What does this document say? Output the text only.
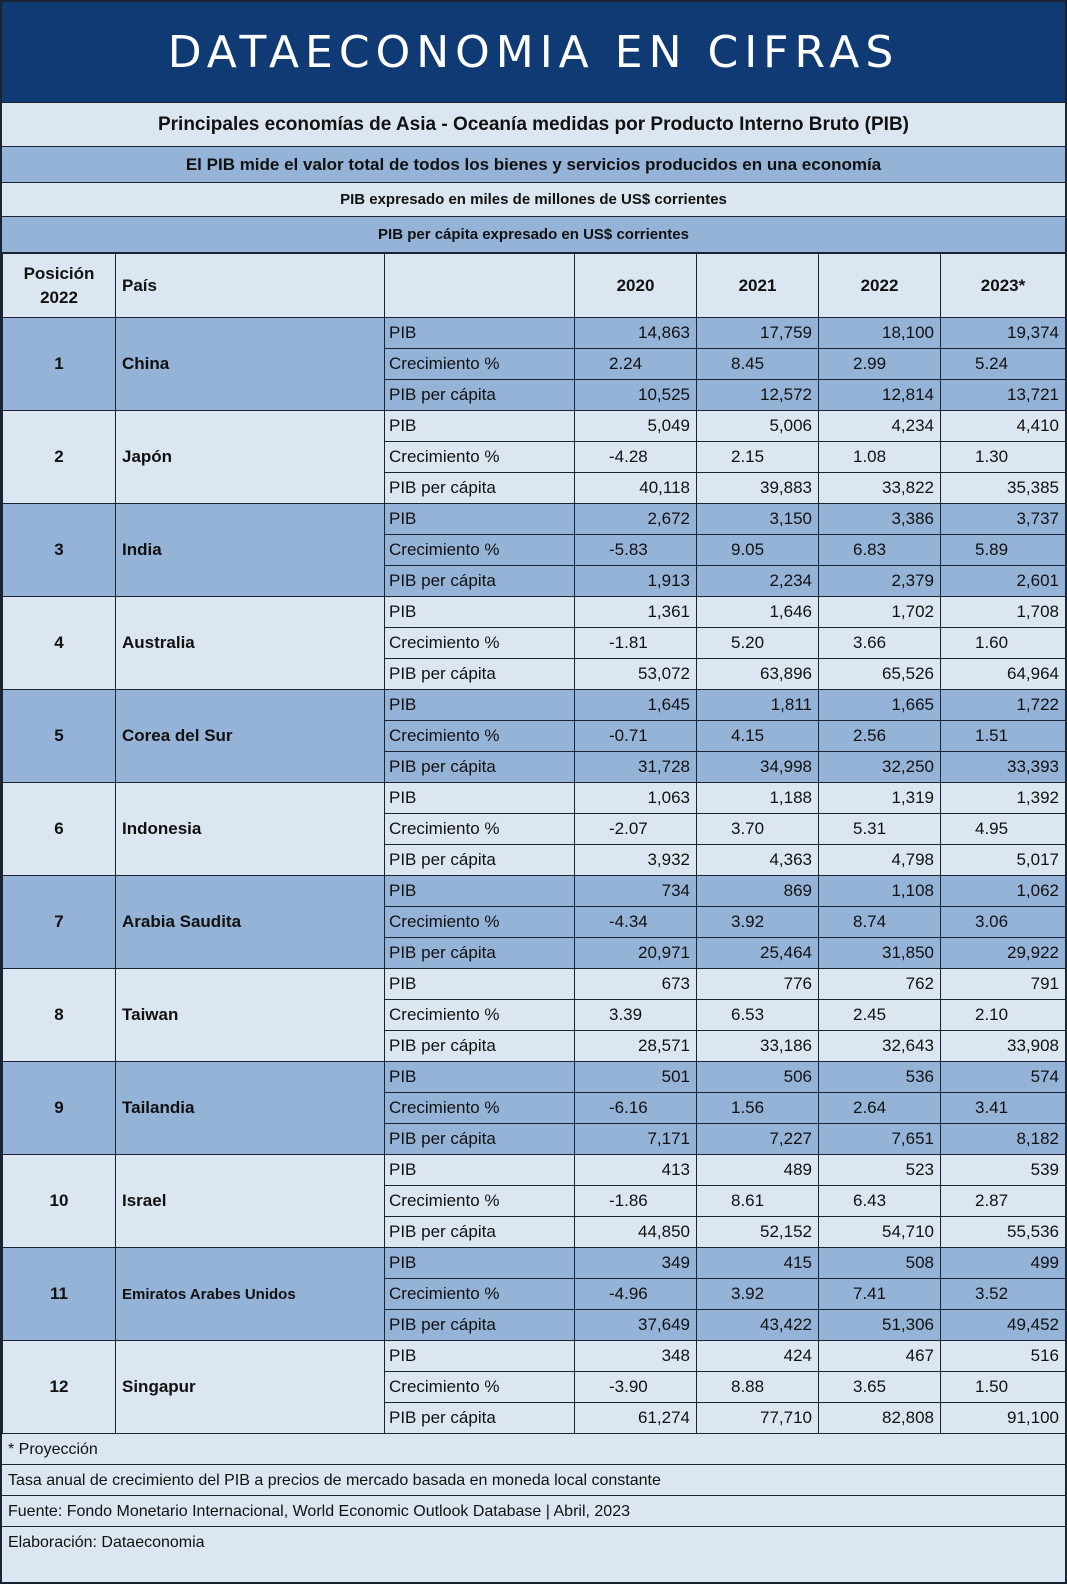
DATAECONOMIA EN CIFRAS
Principales economías de Asia - Oceanía medidas por Producto Interno Bruto (PIB)
El PIB mide el valor total de todos los bienes y servicios producidos en una economía
PIB expresado en miles de millones de US$ corrientes
PIB per cápita expresado en US$ corrientes
Posición 2022	País		2020	2021	2022	2023*
1	China	PIB	14,863	17,759	18,100	19,374
		Crecimiento %	2.24	8.45	2.99	5.24
		PIB per cápita	10,525	12,572	12,814	13,721
2	Japón	PIB	5,049	5,006	4,234	4,410
		Crecimiento %	-4.28	2.15	1.08	1.30
		PIB per cápita	40,118	39,883	33,822	35,385
3	India	PIB	2,672	3,150	3,386	3,737
		Crecimiento %	-5.83	9.05	6.83	5.89
		PIB per cápita	1,913	2,234	2,379	2,601
4	Australia	PIB	1,361	1,646	1,702	1,708
		Crecimiento %	-1.81	5.20	3.66	1.60
		PIB per cápita	53,072	63,896	65,526	64,964
5	Corea del Sur	PIB	1,645	1,811	1,665	1,722
		Crecimiento %	-0.71	4.15	2.56	1.51
		PIB per cápita	31,728	34,998	32,250	33,393
6	Indonesia	PIB	1,063	1,188	1,319	1,392
		Crecimiento %	-2.07	3.70	5.31	4.95
		PIB per cápita	3,932	4,363	4,798	5,017
7	Arabia Saudita	PIB	734	869	1,108	1,062
		Crecimiento %	-4.34	3.92	8.74	3.06
		PIB per cápita	20,971	25,464	31,850	29,922
8	Taiwan	PIB	673	776	762	791
		Crecimiento %	3.39	6.53	2.45	2.10
		PIB per cápita	28,571	33,186	32,643	33,908
9	Tailandia	PIB	501	506	536	574
		Crecimiento %	-6.16	1.56	2.64	3.41
		PIB per cápita	7,171	7,227	7,651	8,182
10	Israel	PIB	413	489	523	539
		Crecimiento %	-1.86	8.61	6.43	2.87
		PIB per cápita	44,850	52,152	54,710	55,536
11	Emiratos Arabes Unidos	PIB	349	415	508	499
		Crecimiento %	-4.96	3.92	7.41	3.52
		PIB per cápita	37,649	43,422	51,306	49,452
12	Singapur	PIB	348	424	467	516
		Crecimiento %	-3.90	8.88	3.65	1.50
		PIB per cápita	61,274	77,710	82,808	91,100
* Proyección
Tasa anual de crecimiento del PIB a precios de mercado basada en moneda local constante
Fuente: Fondo Monetario Internacional, World Economic Outlook Database | Abril, 2023
Elaboración: Dataeconomia
